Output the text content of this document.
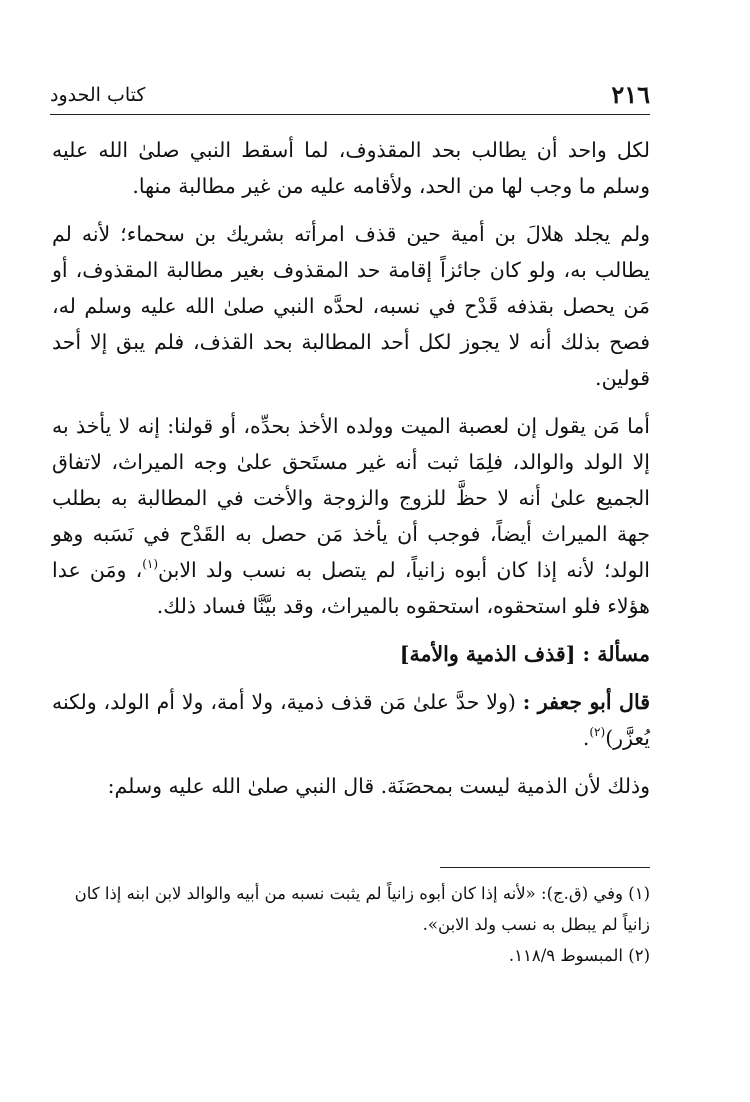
٢١٦
كتاب الحدود

لكل واحد أن يطالب بحد المقذوف، لما أسقط النبي صلىٰ الله عليه وسلم ما وجب لها من الحد، ولأقامه عليه من غير مطالبة منها.

ولم يجلد هلالَ بن أمية حين قذف امرأته بشريك بن سحماء؛ لأنه لم يطالب به، ولو كان جائزاً إقامة حد المقذوف بغير مطالبة المقذوف، أو مَن يحصل بقذفه قَدْح في نسبه، لحدَّه النبي صلىٰ الله عليه وسلم له، فصح بذلك أنه لا يجوز لكل أحد المطالبة بحد القذف، فلم يبق إلا أحد قولين.

أما مَن يقول إن لعصبة الميت وولده الأخذ بحدِّه، أو قولنا: إنه لا يأخذ به إلا الولد والوالد، فلِمَا ثبت أنه غير مستَحق علىٰ وجه الميراث، لاتفاق الجميع علىٰ أنه لا حظَّ للزوج والزوجة والأخت في المطالبة به بطلب جهة الميراث أيضاً، فوجب أن يأخذ مَن حصل به القَدْح في نَسَبه وهو الولد؛ لأنه إذا كان أبوه زانياً، لم يتصل به نسب ولد الابن$^{(١)}$، ومَن عدا هؤلاء فلو استحقوه، استحقوه بالميراث، وقد بيَّنَّا فساد ذلك.

مسألة : [قذف الذمية والأمة]

قال أبو جعفر : (ولا حدَّ علىٰ مَن قذف ذمية، ولا أمة، ولا أم الولد، ولكنه يُعزَّر)$^{(٢)}$.

وذلك لأن الذمية ليست بمحصَنَة. قال النبي صلىٰ الله عليه وسلم:

(١) وفي (ق.ج): «لأنه إذا كان أبوه زانياً لم يثبت نسبه من أبيه والوالد لابن ابنه إذا كان زانياً لم يبطل به نسب ولد الابن».

(٢) المبسوط ١١٨/٩.
